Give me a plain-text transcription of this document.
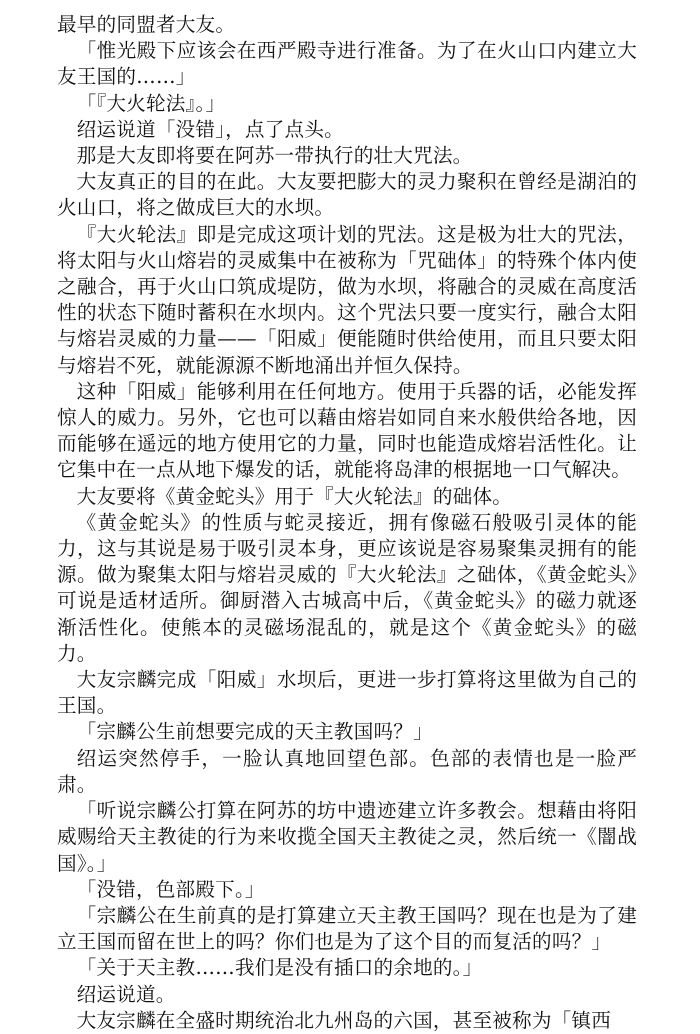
最早的同盟者大友。

「惟光殿下应该会在西严殿寺进行准备。为了在火山口内建立大友王国的……」

「『大火轮法』。」

绍运说道「没错」，点了点头。

那是大友即将要在阿苏一带执行的壮大咒法。

大友真正的目的在此。大友要把膨大的灵力聚积在曾经是湖泊的火山口，将之做成巨大的水坝。

『大火轮法』即是完成这项计划的咒法。这是极为壮大的咒法，将太阳与火山熔岩的灵威集中在被称为「咒础体」的特殊个体内使之融合，再于火山口筑成堤防，做为水坝，将融合的灵威在高度活性的状态下随时蓄积在水坝内。这个咒法只要一度实行，融合太阳与熔岩灵威的力量——「阳威」便能随时供给使用，而且只要太阳与熔岩不死，就能源源不断地涌出并恒久保持。

这种「阳威」能够利用在任何地方。使用于兵器的话，必能发挥惊人的威力。另外，它也可以藉由熔岩如同自来水般供给各地，因而能够在遥远的地方使用它的力量，同时也能造成熔岩活性化。让它集中在一点从地下爆发的话，就能将岛津的根据地一口气解决。

大友要将《黄金蛇头》用于『大火轮法』的础体。

《黄金蛇头》的性质与蛇灵接近，拥有像磁石般吸引灵体的能力，这与其说是易于吸引灵本身，更应该说是容易聚集灵拥有的能源。做为聚集太阳与熔岩灵威的『大火轮法』之础体，《黄金蛇头》可说是适材适所。御厨潜入古城高中后，《黄金蛇头》的磁力就逐渐活性化。使熊本的灵磁场混乱的，就是这个《黄金蛇头》的磁力。

大友宗麟完成「阳威」水坝后，更进一步打算将这里做为自己的王国。

「宗麟公生前想要完成的天主教国吗？」

绍运突然停手，一脸认真地回望色部。色部的表情也是一脸严肃。

「听说宗麟公打算在阿苏的坊中遗迹建立许多教会。想藉由将阳威赐给天主教徒的行为来收揽全国天主教徒之灵，然后统一《闇战国》。」

「没错，色部殿下。」

「宗麟公在生前真的是打算建立天主教王国吗？现在也是为了建立王国而留在世上的吗？你们也是为了这个目的而复活的吗？」

「关于天主教……我们是没有插口的余地的。」

绍运说道。

大友宗麟在全盛时期统治北九州岛的六国，甚至被称为「镇西
